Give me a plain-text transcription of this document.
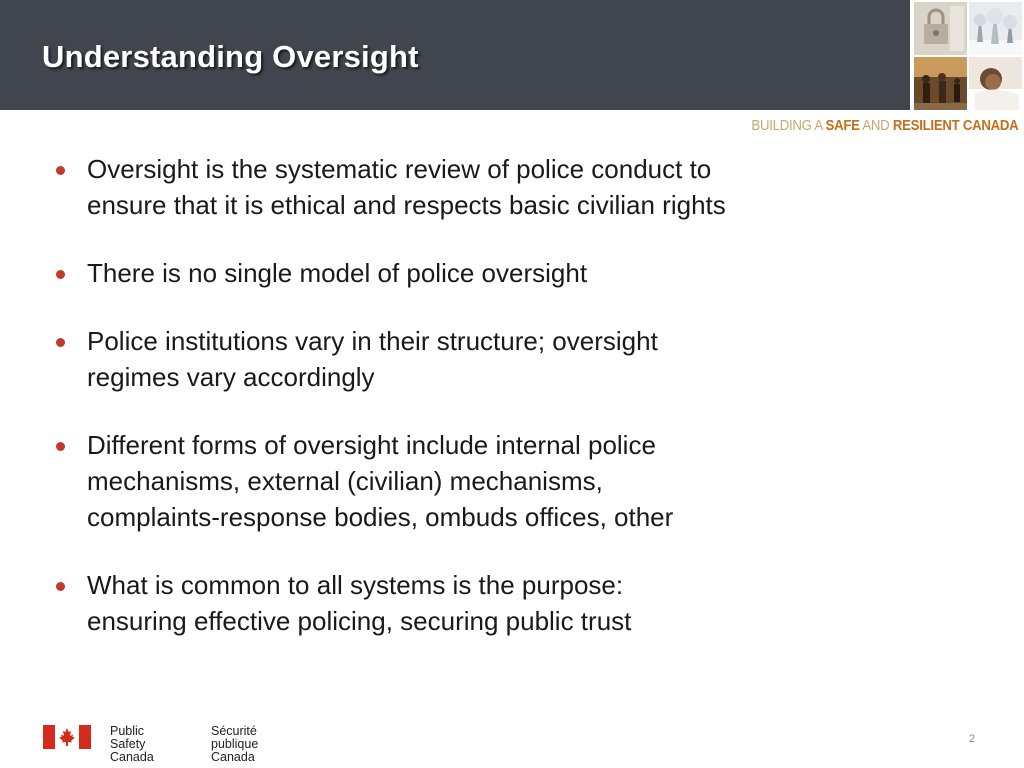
Understanding Oversight
BUILDING A SAFE AND RESILIENT CANADA
Oversight is the systematic review of police conduct to
ensure that it is ethical and respects basic civilian rights
There is no single model of police oversight
Police institutions vary in their structure; oversight
regimes vary accordingly
Different forms of oversight include internal police
mechanisms, external (civilian) mechanisms,
complaints-response bodies, ombuds offices, other
What is common to all systems is the purpose:
ensuring effective policing, securing public trust
Public Safety
Canada
Sécurité publique
Canada
2
